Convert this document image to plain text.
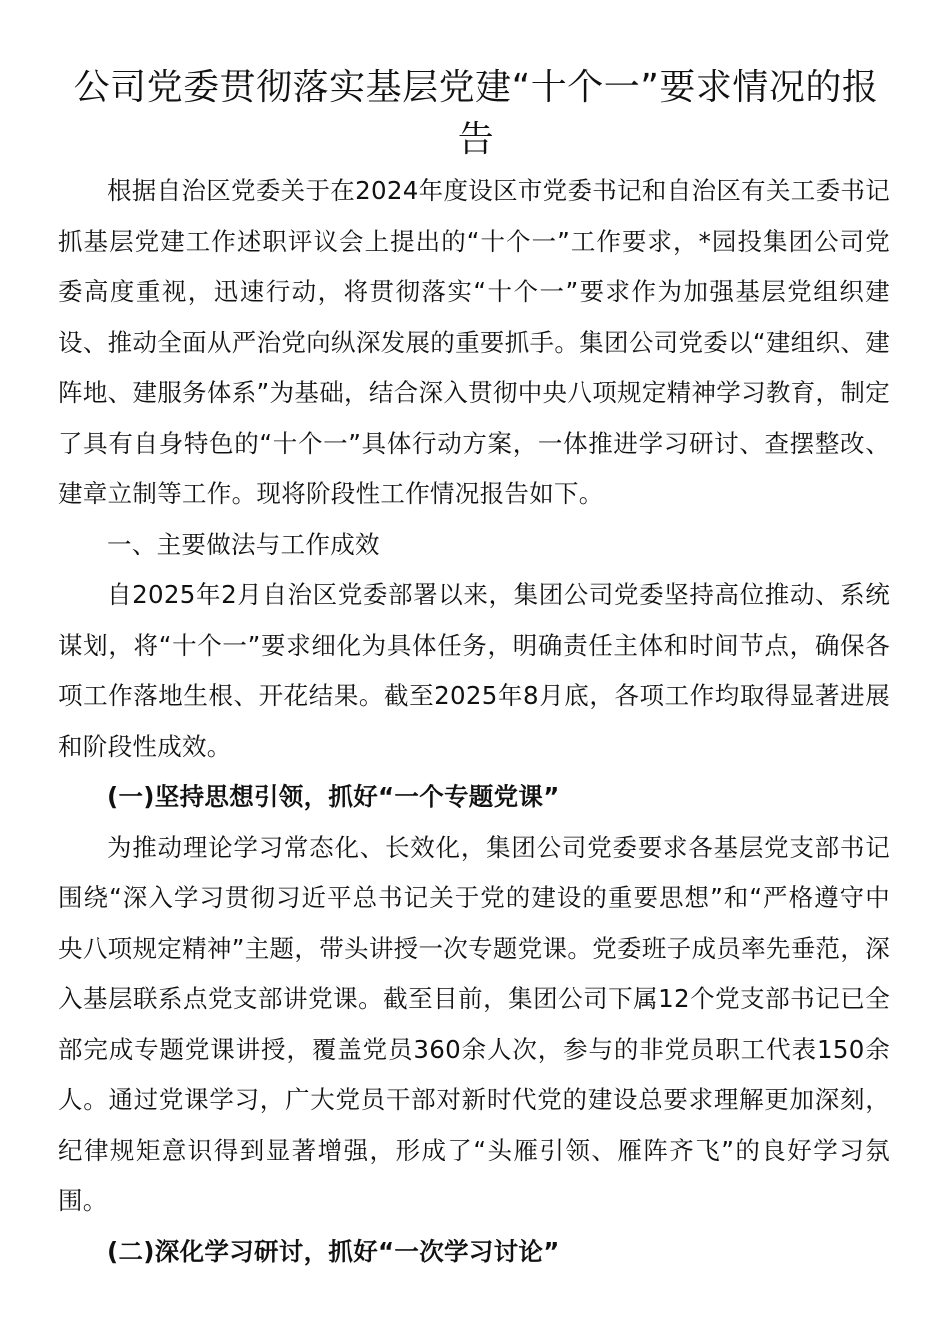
公司党委贯彻落实基层党建“十个一”要求情况的报告

根据自治区党委关于在2024年度设区市党委书记和自治区有关工委书记抓基层党建工作述职评议会上提出的“十个一”工作要求，*园投集团公司党委高度重视，迅速行动，将贯彻落实“十个一”要求作为加强基层党组织建设、推动全面从严治党向纵深发展的重要抓手。集团公司党委以“建组织、建阵地、建服务体系”为基础，结合深入贯彻中央八项规定精神学习教育，制定了具有自身特色的“十个一”具体行动方案，一体推进学习研讨、查摆整改、建章立制等工作。现将阶段性工作情况报告如下。

一、主要做法与工作成效

自2025年2月自治区党委部署以来，集团公司党委坚持高位推动、系统谋划，将“十个一”要求细化为具体任务，明确责任主体和时间节点，确保各项工作落地生根、开花结果。截至2025年8月底，各项工作均取得显著进展和阶段性成效。

(一)坚持思想引领，抓好“一个专题党课”

为推动理论学习常态化、长效化，集团公司党委要求各基层党支部书记围绕“深入学习贯彻习近平总书记关于党的建设的重要思想”和“严格遵守中央八项规定精神”主题，带头讲授一次专题党课。党委班子成员率先垂范，深入基层联系点党支部讲党课。截至目前，集团公司下属12个党支部书记已全部完成专题党课讲授，覆盖党员360余人次，参与的非党员职工代表150余人。通过党课学习，广大党员干部对新时代党的建设总要求理解更加深刻，纪律规矩意识得到显著增强，形成了“头雁引领、雁阵齐飞”的良好学习氛围。

(二)深化学习研讨，抓好“一次学习讨论”
